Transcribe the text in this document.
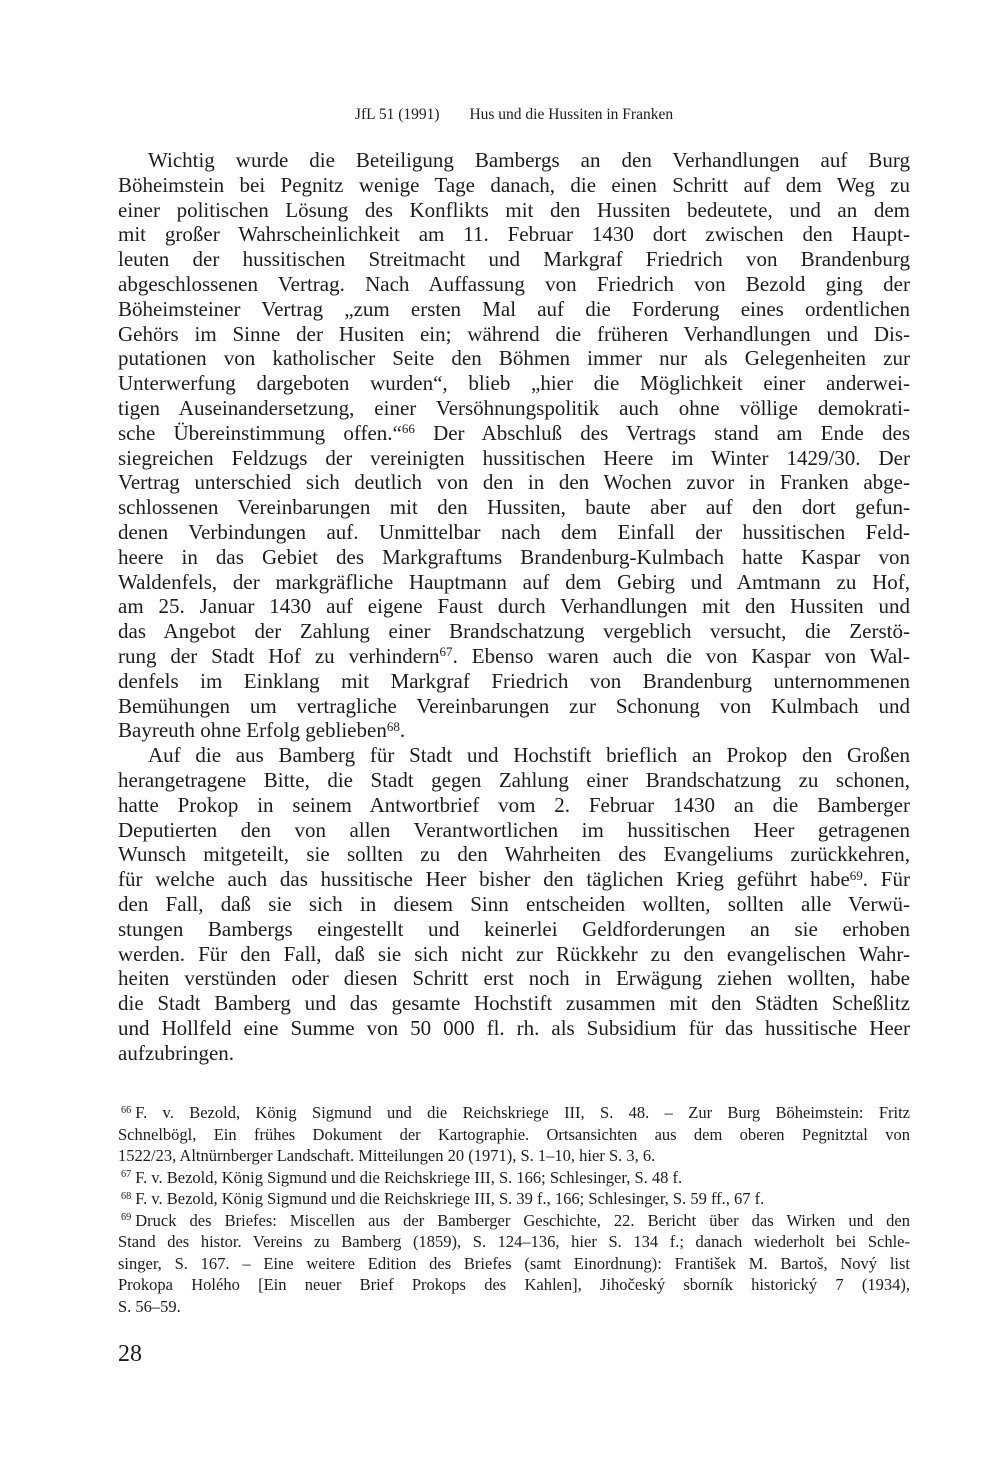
JfL 51 (1991) Hus und die Hussiten in Franken
Wichtig wurde die Beteiligung Bambergs an den Verhandlungen auf Burg
Böheimstein bei Pegnitz wenige Tage danach, die einen Schritt auf dem Weg zu
einer politischen Lösung des Konflikts mit den Hussiten bedeutete, und an dem
mit großer Wahrscheinlichkeit am 11. Februar 1430 dort zwischen den Haupt-
leuten der hussitischen Streitmacht und Markgraf Friedrich von Brandenburg
abgeschlossenen Vertrag. Nach Auffassung von Friedrich von Bezold ging der
Böheimsteiner Vertrag „zum ersten Mal auf die Forderung eines ordentlichen
Gehörs im Sinne der Husiten ein; während die früheren Verhandlungen und Dis-
putationen von katholischer Seite den Böhmen immer nur als Gelegenheiten zur
Unterwerfung dargeboten wurden“, blieb „hier die Möglichkeit einer anderwei-
tigen Auseinandersetzung, einer Versöhnungspolitik auch ohne völlige demokrati-
sche Übereinstimmung offen.“$^{66}$ Der Abschluß des Vertrags stand am Ende des
siegreichen Feldzugs der vereinigten hussitischen Heere im Winter 1429/30. Der
Vertrag unterschied sich deutlich von den in den Wochen zuvor in Franken abge-
schlossenen Vereinbarungen mit den Hussiten, baute aber auf den dort gefun-
denen Verbindungen auf. Unmittelbar nach dem Einfall der hussitischen Feld-
heere in das Gebiet des Markgraftums Brandenburg-Kulmbach hatte Kaspar von
Waldenfels, der markgräfliche Hauptmann auf dem Gebirg und Amtmann zu Hof,
am 25. Januar 1430 auf eigene Faust durch Verhandlungen mit den Hussiten und
das Angebot der Zahlung einer Brandschatzung vergeblich versucht, die Zerstö-
rung der Stadt Hof zu verhindern$^{67}$. Ebenso waren auch die von Kaspar von Wal-
denfels im Einklang mit Markgraf Friedrich von Brandenburg unternommenen
Bemühungen um vertragliche Vereinbarungen zur Schonung von Kulmbach und
Bayreuth ohne Erfolg geblieben$^{68}$.
Auf die aus Bamberg für Stadt und Hochstift brieflich an Prokop den Großen
herangetragene Bitte, die Stadt gegen Zahlung einer Brandschatzung zu schonen,
hatte Prokop in seinem Antwortbrief vom 2. Februar 1430 an die Bamberger
Deputierten den von allen Verantwortlichen im hussitischen Heer getragenen
Wunsch mitgeteilt, sie sollten zu den Wahrheiten des Evangeliums zurückkehren,
für welche auch das hussitische Heer bisher den täglichen Krieg geführt habe$^{69}$. Für
den Fall, daß sie sich in diesem Sinn entscheiden wollten, sollten alle Verwü-
stungen Bambergs eingestellt und keinerlei Geldforderungen an sie erhoben
werden. Für den Fall, daß sie sich nicht zur Rückkehr zu den evangelischen Wahr-
heiten verstünden oder diesen Schritt erst noch in Erwägung ziehen wollten, habe
die Stadt Bamberg und das gesamte Hochstift zusammen mit den Städten Scheßlitz
und Hollfeld eine Summe von 50 000 fl. rh. als Subsidium für das hussitische Heer
aufzubringen.
$^{66}$ F. v. Bezold, König Sigmund und die Reichskriege III, S. 48. – Zur Burg Böheimstein: Fritz
Schnelbögl, Ein frühes Dokument der Kartographie. Ortsansichten aus dem oberen Pegnitztal von
1522/23, Altnürnberger Landschaft. Mitteilungen 20 (1971), S. 1–10, hier S. 3, 6.
$^{67}$ F. v. Bezold, König Sigmund und die Reichskriege III, S. 166; Schlesinger, S. 48 f.
$^{68}$ F. v. Bezold, König Sigmund und die Reichskriege III, S. 39 f., 166; Schlesinger, S. 59 ff., 67 f.
$^{69}$ Druck des Briefes: Miscellen aus der Bamberger Geschichte, 22. Bericht über das Wirken und den
Stand des histor. Vereins zu Bamberg (1859), S. 124–136, hier S. 134 f.; danach wiederholt bei Schle-
singer, S. 167. – Eine weitere Edition des Briefes (samt Einordnung): František M. Bartoš, Nový list
Prokopa Holého [Ein neuer Brief Prokops des Kahlen], Jihočeský sborník historický 7 (1934),
S. 56–59.
28
